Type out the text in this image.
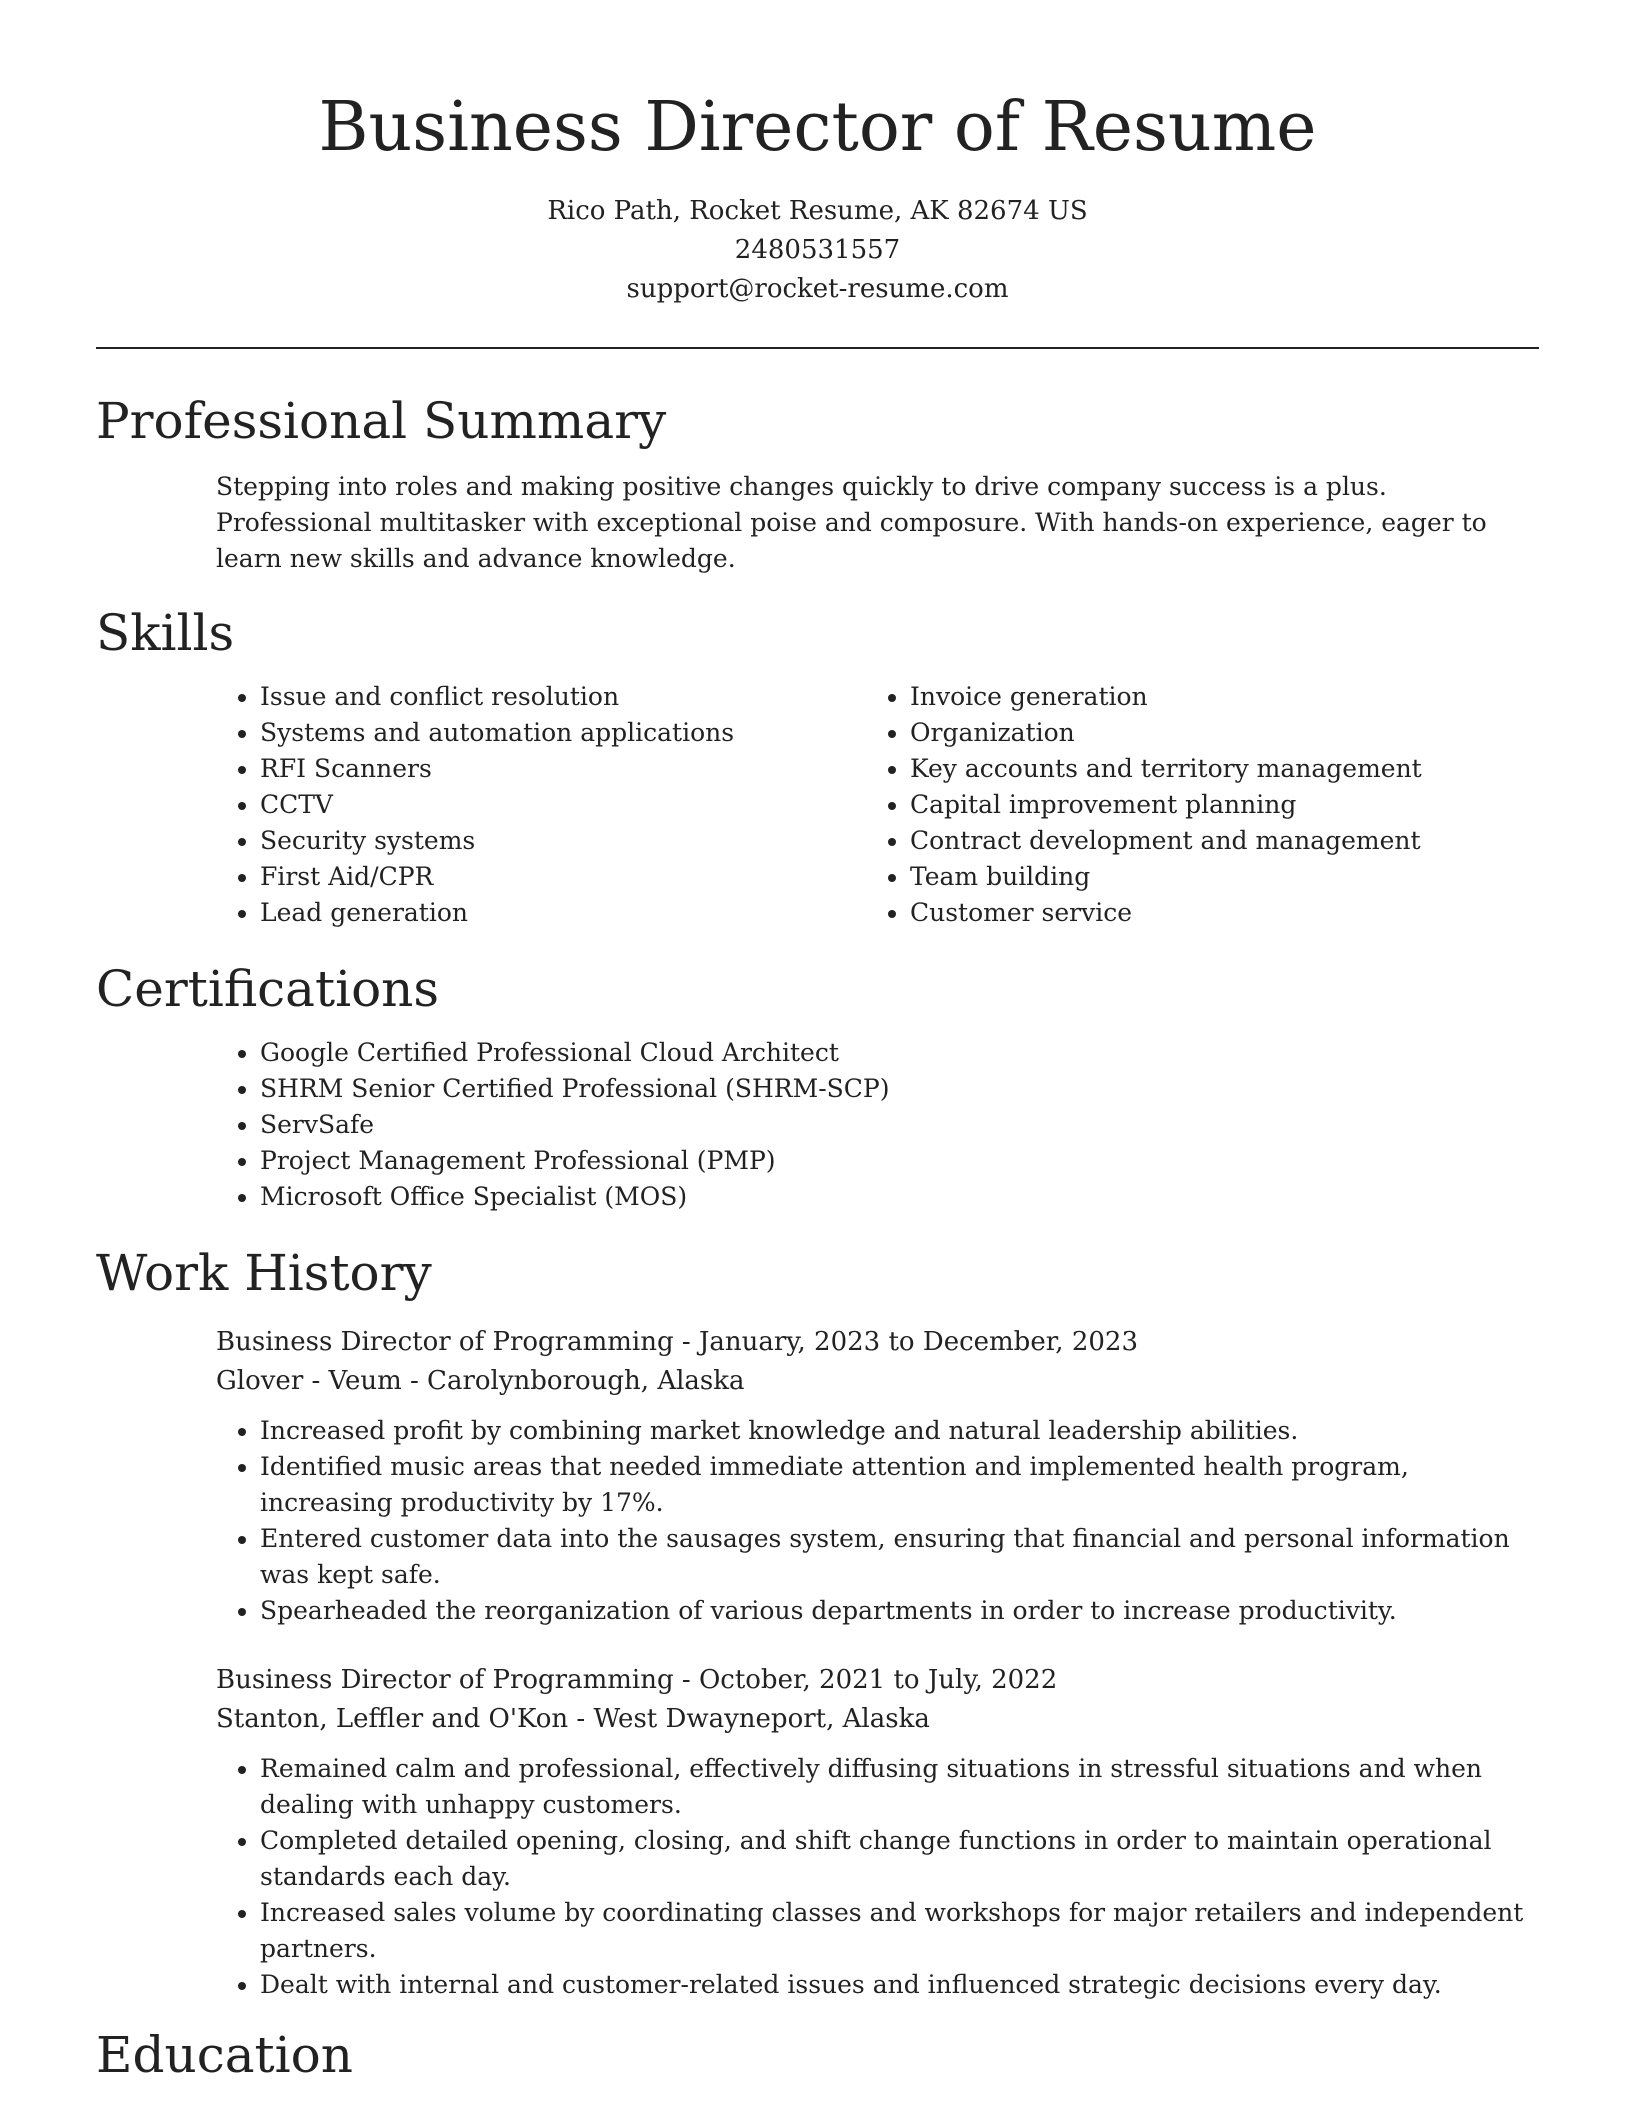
Business Director of Resume
Rico Path, Rocket Resume, AK 82674 US
2480531557
support@rocket-resume.com
Professional Summary

Stepping into roles and making positive changes quickly to drive company success is a plus. Professional multitasker with exceptional poise and composure. With hands-on experience, eager to learn new skills and advance knowledge.

Skills
• Issue and conflict resolution
• Systems and automation applications
• RFI Scanners
• CCTV
• Security systems
• First Aid/CPR
• Lead generation
• Invoice generation
• Organization
• Key accounts and territory management
• Capital improvement planning
• Contract development and management
• Team building
• Customer service
Certifications
• Google Certified Professional Cloud Architect
• SHRM Senior Certified Professional (SHRM-SCP)
• ServSafe
• Project Management Professional (PMP)
• Microsoft Office Specialist (MOS)
Work History
Business Director of Programming - January, 2023 to December, 2023
Glover - Veum - Carolynborough, Alaska
• Increased profit by combining market knowledge and natural leadership abilities.
• Identified music areas that needed immediate attention and implemented health program, increasing productivity by 17%.
• Entered customer data into the sausages system, ensuring that financial and personal information was kept safe.
• Spearheaded the reorganization of various departments in order to increase productivity.
Business Director of Programming - October, 2021 to July, 2022
Stanton, Leffler and O'Kon - West Dwayneport, Alaska
• Remained calm and professional, effectively diffusing situations in stressful situations and when dealing with unhappy customers.
• Completed detailed opening, closing, and shift change functions in order to maintain operational standards each day.
• Increased sales volume by coordinating classes and workshops for major retailers and independent partners.
• Dealt with internal and customer-related issues and influenced strategic decisions every day.
Education
